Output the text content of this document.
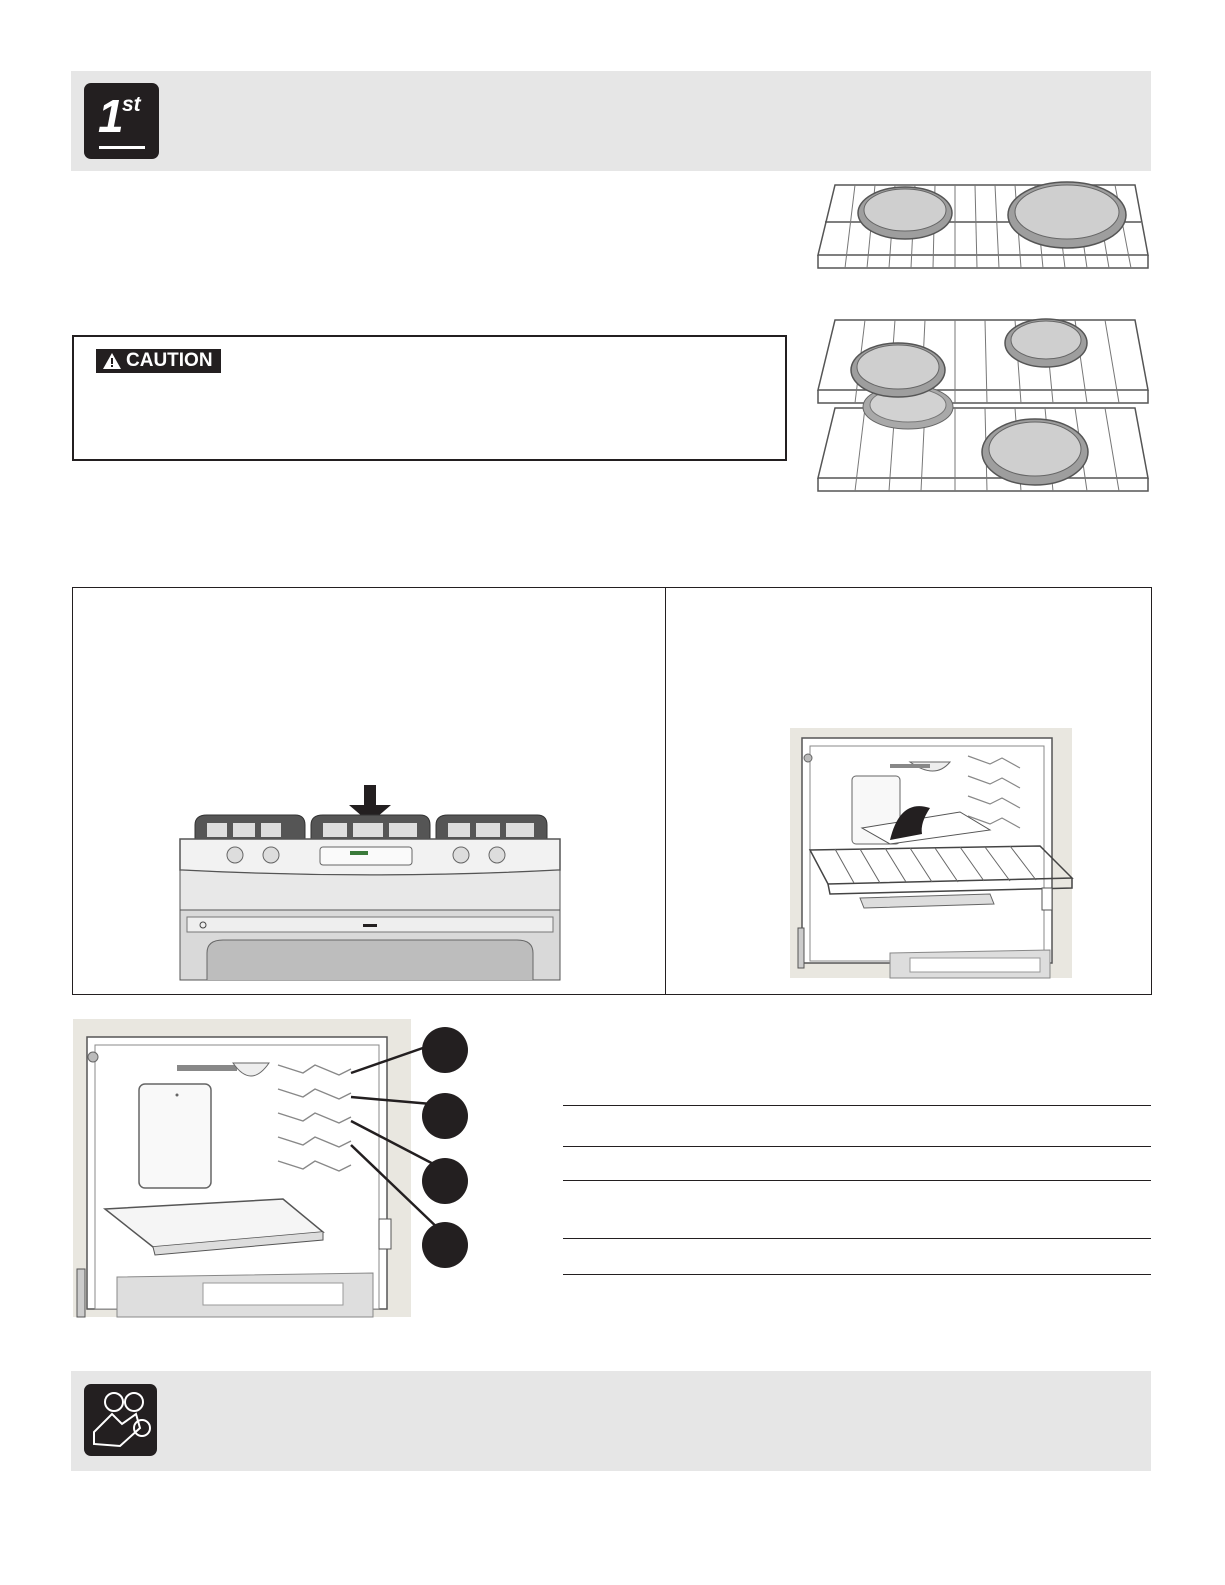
1 st
CAUTION
